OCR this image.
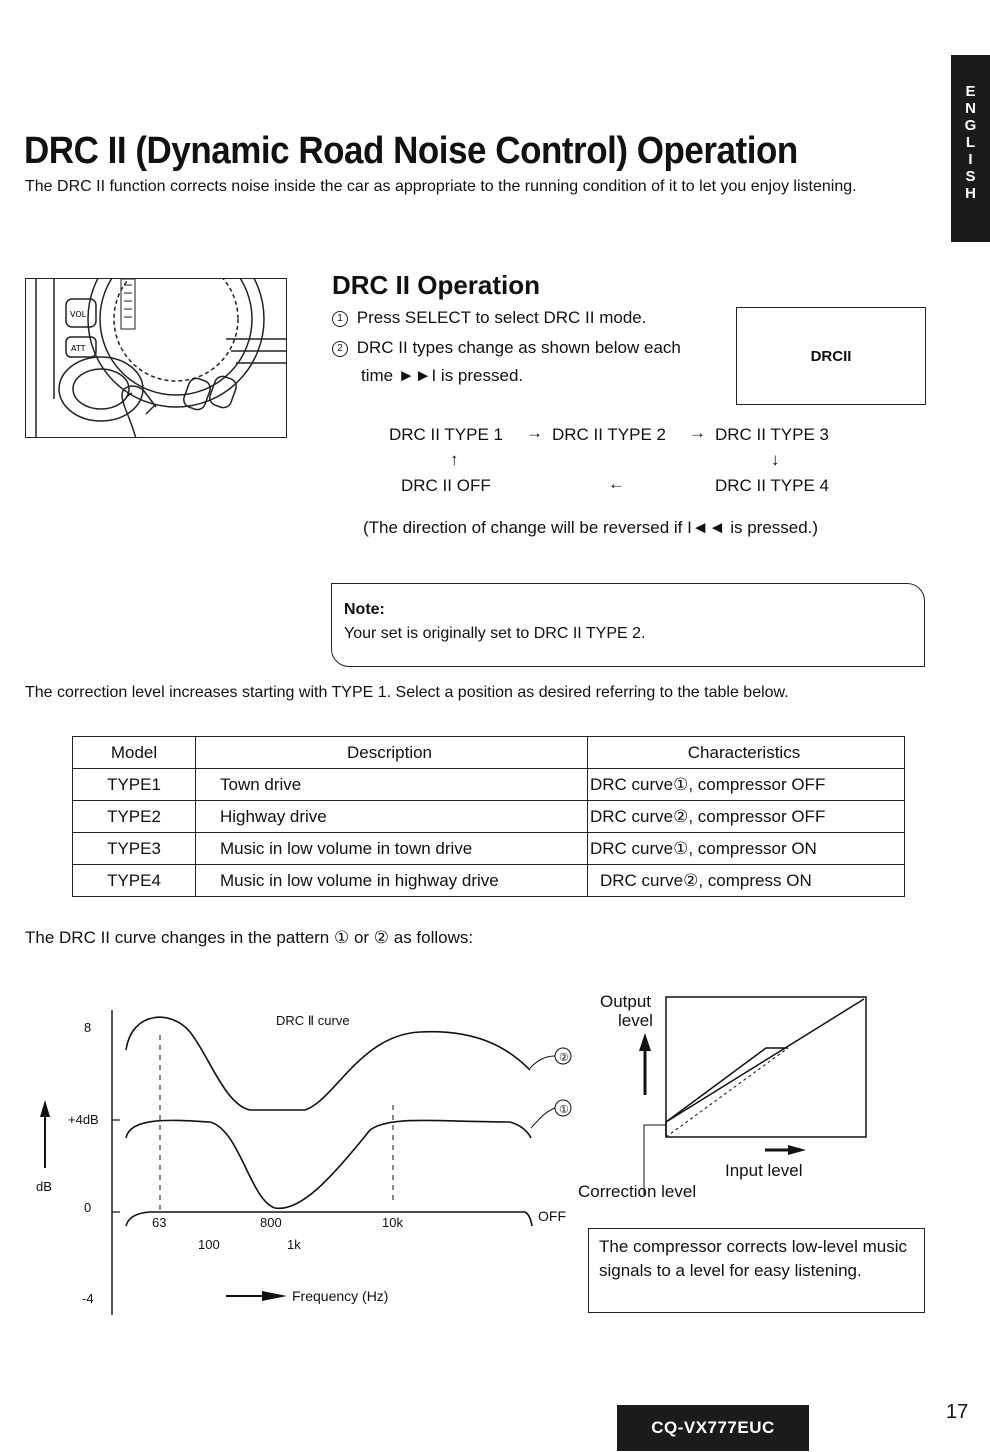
E
N
G
L
I
S
H
DRC II (Dynamic Road Noise Control) Operation

The DRC II function corrects noise inside the car as appropriate to the running condition of it to let you enjoy listening.

VOL
ATT
DRC II Operation
1 Press SELECT to select DRC II mode.
2 DRC II types change as shown below each
time ►►I is pressed.
DRCII
DRC II TYPE 1 → DRC II TYPE 2 → DRC II TYPE 3
↑	↓
DRC II OFF	←	DRC II TYPE 4
(The direction of change will be reversed if I◄◄ is pressed.)
Note:
Your set is originally set to DRC II TYPE 2.
The correction level increases starting with TYPE 1. Select a position as desired referring to the table below.
Model	Description	Characteristics
TYPE1	Town drive	DRC curve①, compressor OFF
TYPE2	Highway drive	DRC curve②, compressor OFF
TYPE3	Music in low volume in town drive	DRC curve①, compressor ON
TYPE4	Music in low volume in highway drive	DRC curve②, compress ON
The DRC II curve changes in the pattern ① or ② as follows:
8
+4dB
0
-4
dB
DRC Ⅱ curve
②
①
OFF
63	800	10k
100	1k
Frequency (Hz)
Output
level
Input level
Correction level
The compressor corrects low-level music signals to a level for easy listening.
CQ-VX777EUC
17
